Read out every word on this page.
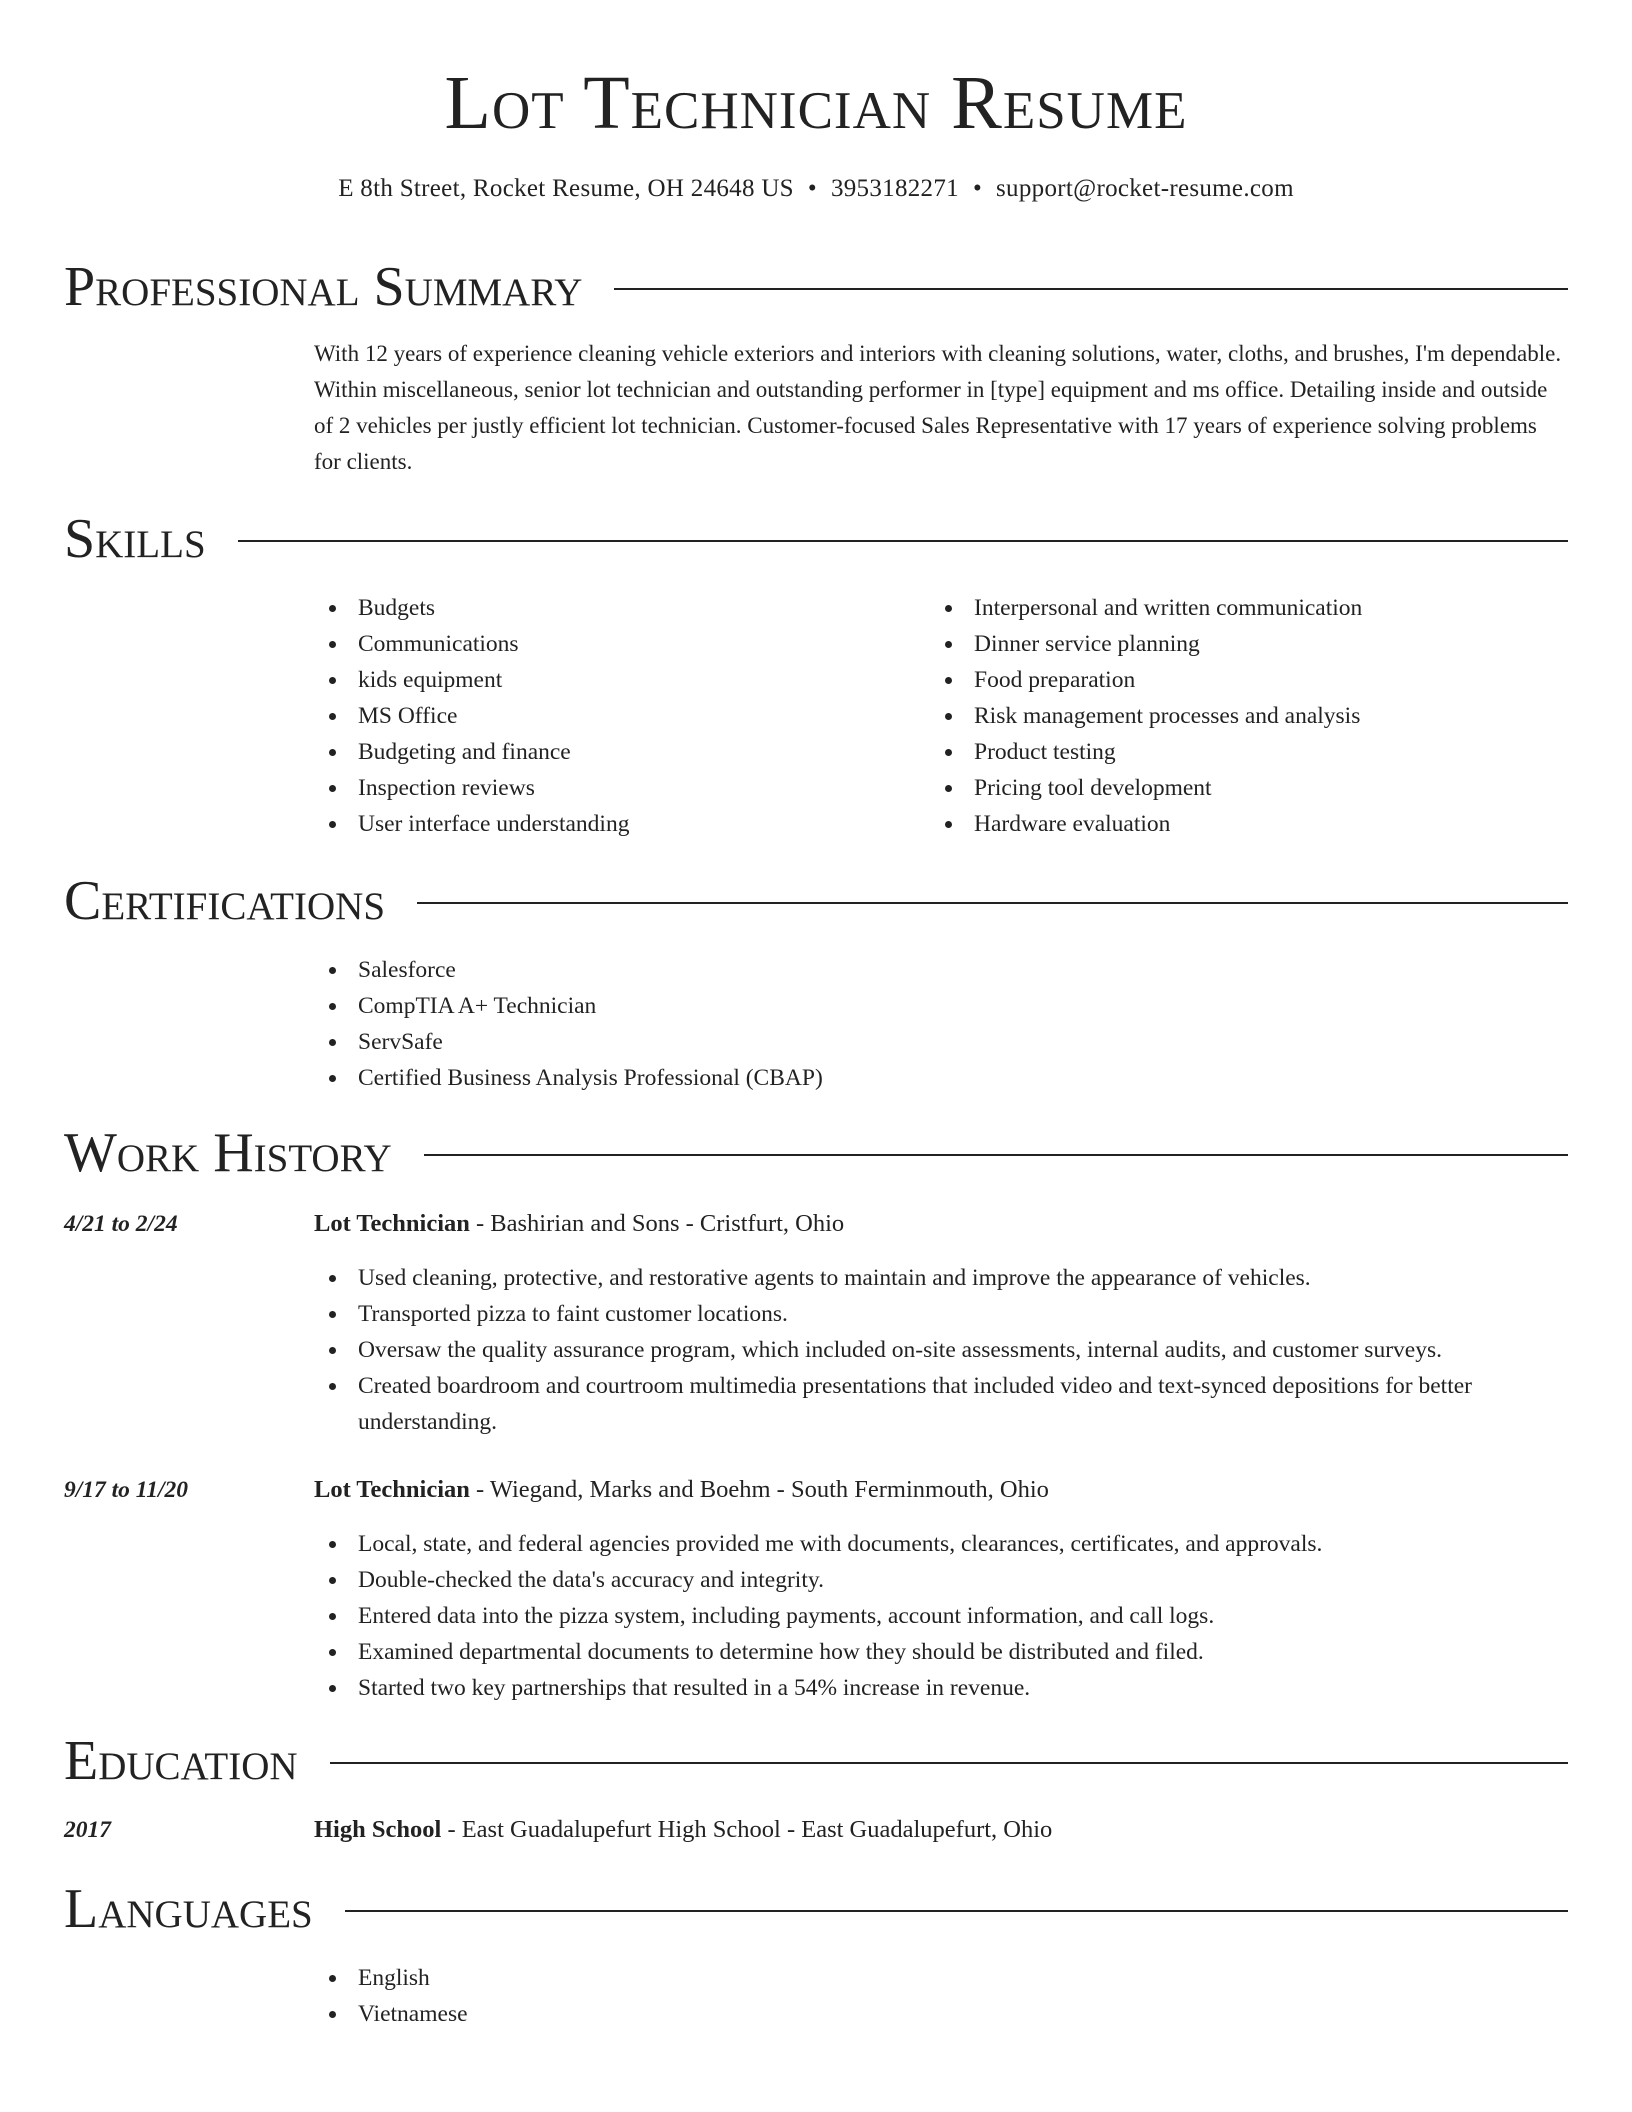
Lot Technician Resume
E 8th Street, Rocket Resume, OH 24648 US • 3953182271 • support@rocket-resume.com
Professional Summary
With 12 years of experience cleaning vehicle exteriors and interiors with cleaning solutions, water, cloths, and brushes, I'm dependable. Within miscellaneous, senior lot technician and outstanding performer in [type] equipment and ms office. Detailing inside and outside of 2 vehicles per justly efficient lot technician. Customer-focused Sales Representative with 17 years of experience solving problems for clients.
Skills
Budgets
Communications
kids equipment
MS Office
Budgeting and finance
Inspection reviews
User interface understanding
Interpersonal and written communication
Dinner service planning
Food preparation
Risk management processes and analysis
Product testing
Pricing tool development
Hardware evaluation
Certifications
Salesforce
CompTIA A+ Technician
ServSafe
Certified Business Analysis Professional (CBAP)
Work History
4/21 to 2/24	Lot Technician - Bashirian and Sons - Cristfurt, Ohio
Used cleaning, protective, and restorative agents to maintain and improve the appearance of vehicles.
Transported pizza to faint customer locations.
Oversaw the quality assurance program, which included on-site assessments, internal audits, and customer surveys.
Created boardroom and courtroom multimedia presentations that included video and text-synced depositions for better understanding.
9/17 to 11/20	Lot Technician - Wiegand, Marks and Boehm - South Ferminmouth, Ohio
Local, state, and federal agencies provided me with documents, clearances, certificates, and approvals.
Double-checked the data's accuracy and integrity.
Entered data into the pizza system, including payments, account information, and call logs.
Examined departmental documents to determine how they should be distributed and filed.
Started two key partnerships that resulted in a 54% increase in revenue.
Education
2017	High School - East Guadalupefurt High School - East Guadalupefurt, Ohio
Languages
English
Vietnamese
